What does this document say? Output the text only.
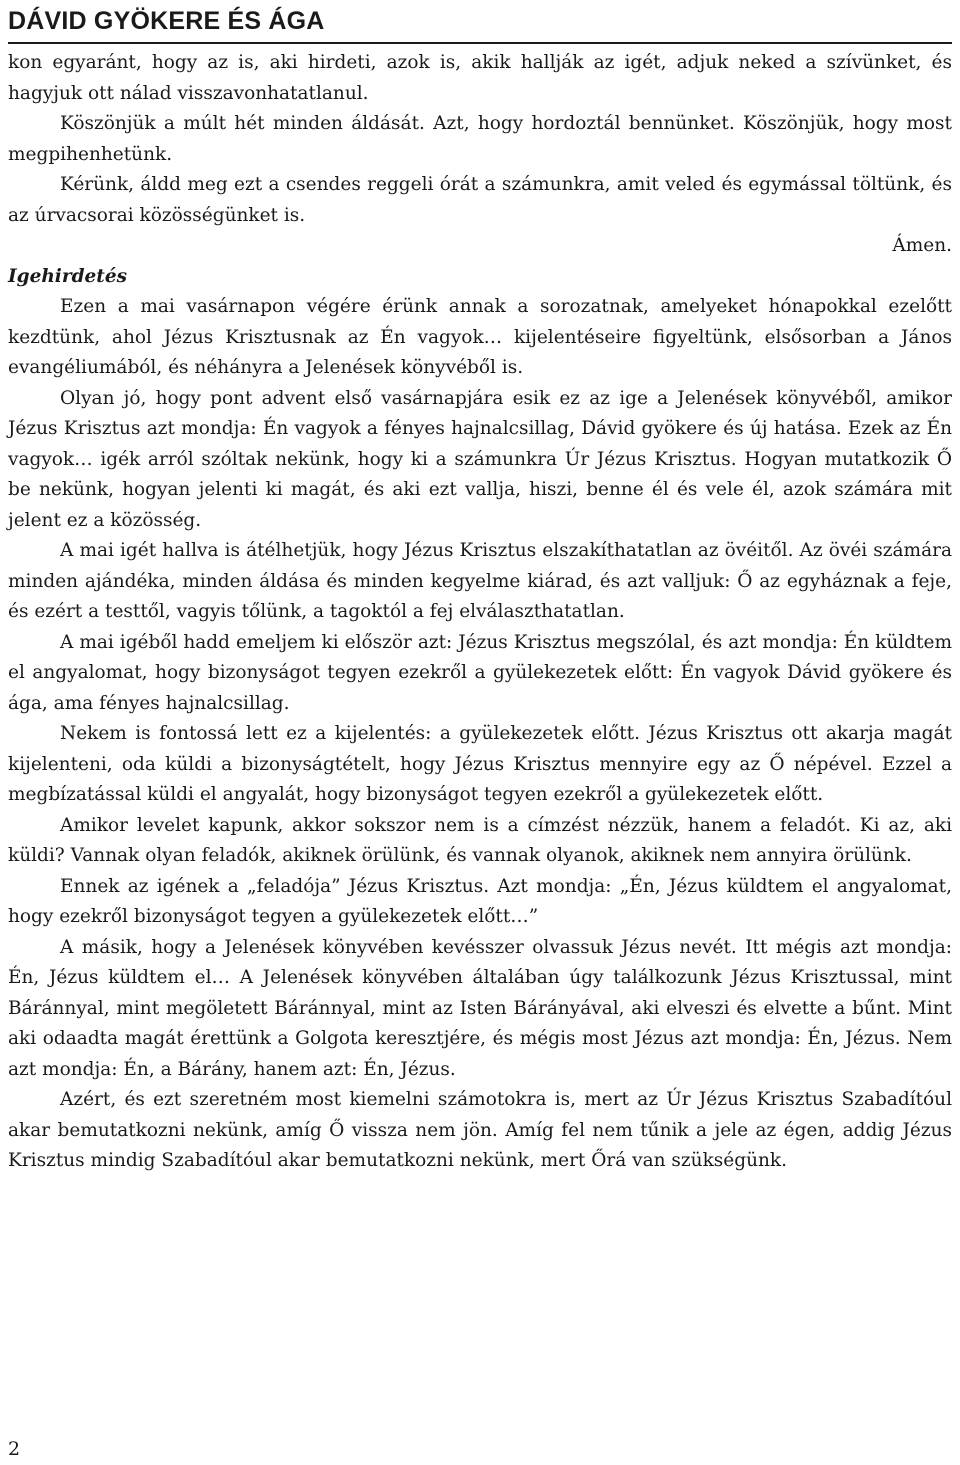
DÁVID GYÖKERE ÉS ÁGA

kon egyaránt, hogy az is, aki hirdeti, azok is, akik hallják az igét, adjuk neked a szívünket, és hagyjuk ott nálad visszavonhatatlanul.

Köszönjük a múlt hét minden áldását. Azt, hogy hordoztál bennünket. Köszönjük, hogy most megpihenhetünk.

Kérünk, áldd meg ezt a csendes reggeli órát a számunkra, amit veled és egymással töltünk, és az úrvacsorai közösségünket is.

Ámen.

Igehirdetés

Ezen a mai vasárnapon végére érünk annak a sorozatnak, amelyeket hónapokkal ezelőtt kezdtünk, ahol Jézus Krisztusnak az Én vagyok… kijelentéseire figyeltünk, elsősorban a János evangéliumából, és néhányra a Jelenések könyvéből is.

Olyan jó, hogy pont advent első vasárnapjára esik ez az ige a Jelenések könyvéből, amikor Jézus Krisztus azt mondja: Én vagyok a fényes hajnalcsillag, Dávid gyökere és új hatása. Ezek az Én vagyok… igék arról szóltak nekünk, hogy ki a számunkra Úr Jézus Krisztus. Hogyan mutatkozik Ő be nekünk, hogyan jelenti ki magát, és aki ezt vallja, hiszi, benne él és vele él, azok számára mit jelent ez a közösség.

A mai igét hallva is átélhetjük, hogy Jézus Krisztus elszakíthatatlan az övéitől. Az övéi számára minden ajándéka, minden áldása és minden kegyelme kiárad, és azt valljuk: Ő az egyháznak a feje, és ezért a testtől, vagyis tőlünk, a tagoktól a fej elválaszthatatlan.

A mai igéből hadd emeljem ki először azt: Jézus Krisztus megszólal, és azt mondja: Én küldtem el angyalomat, hogy bizonyságot tegyen ezekről a gyülekezetek előtt: Én vagyok Dávid gyökere és ága, ama fényes hajnalcsillag.

Nekem is fontossá lett ez a kijelentés: a gyülekezetek előtt. Jézus Krisztus ott akarja magát kijelenteni, oda küldi a bizonyságtételt, hogy Jézus Krisztus mennyire egy az Ő népével. Ezzel a megbízatással küldi el angyalát, hogy bizonyságot tegyen ezekről a gyülekezetek előtt.

Amikor levelet kapunk, akkor sokszor nem is a címzést nézzük, hanem a feladót. Ki az, aki küldi? Vannak olyan feladók, akiknek örülünk, és vannak olyanok, akiknek nem annyira örülünk.

Ennek az igének a „feladója” Jézus Krisztus. Azt mondja: „Én, Jézus küldtem el angyalomat, hogy ezekről bizonyságot tegyen a gyülekezetek előtt…”

A másik, hogy a Jelenések könyvében kevésszer olvassuk Jézus nevét. Itt mégis azt mondja: Én, Jézus küldtem el… A Jelenések könyvében általában úgy találkozunk Jézus Krisztussal, mint Báránnyal, mint megöletett Báránnyal, mint az Isten Bárányával, aki elveszi és elvette a bűnt. Mint aki odaadta magát érettünk a Golgota keresztjére, és mégis most Jézus azt mondja: Én, Jézus. Nem azt mondja: Én, a Bárány, hanem azt: Én, Jézus.

Azért, és ezt szeretném most kiemelni számotokra is, mert az Úr Jézus Krisztus Szabadítóul akar bemutatkozni nekünk, amíg Ő vissza nem jön. Amíg fel nem tűnik a jele az égen, addig Jézus Krisztus mindig Szabadítóul akar bemutatkozni nekünk, mert Őrá van szükségünk.

2
